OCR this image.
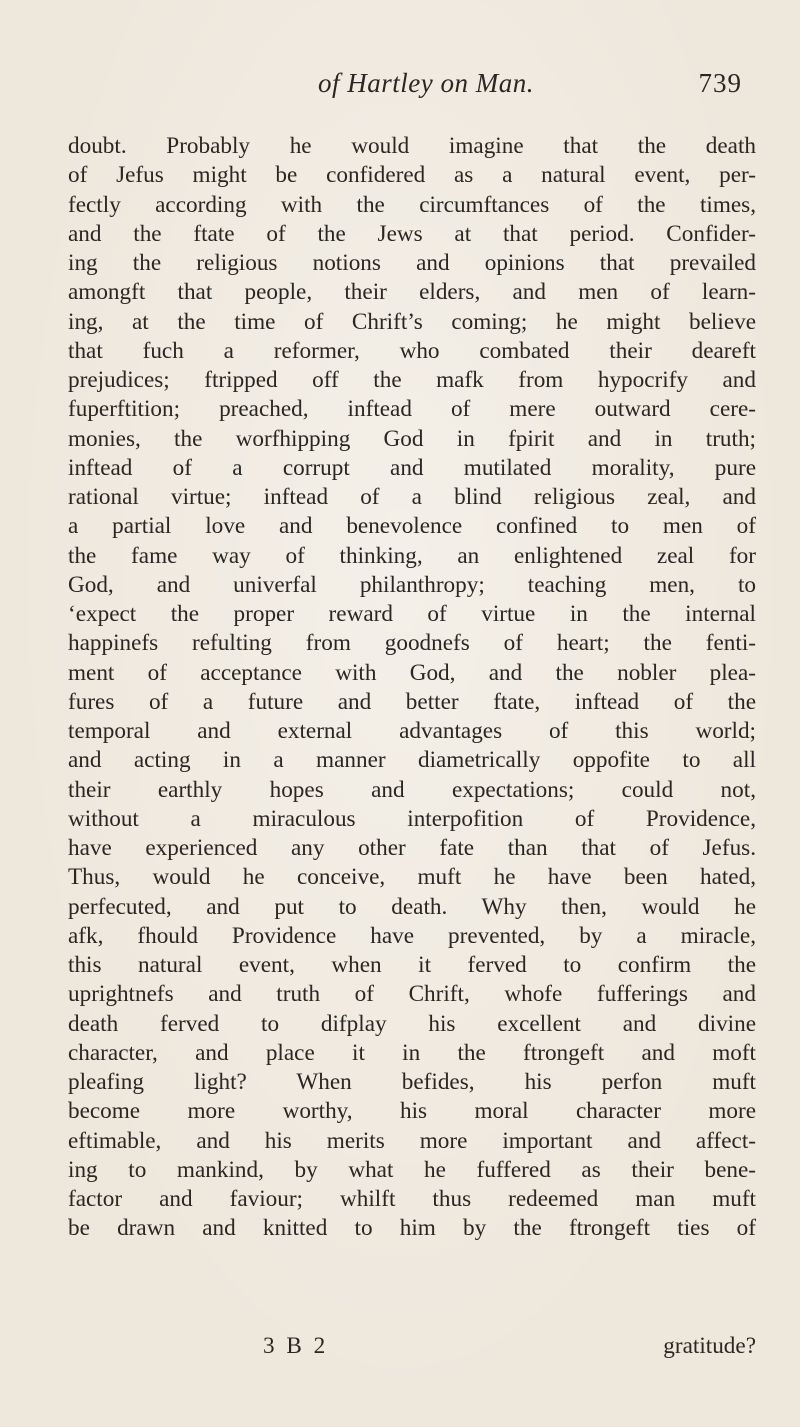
of Hartley on Man.	739
doubt. Probably he would imagine that the death
of Jefus might be confidered as a natural event, per-
fectly according with the circumftances of the times,
and the ftate of the Jews at that period. Confider-
ing the religious notions and opinions that prevailed
amongft that people, their elders, and men of learn-
ing, at the time of Chrift’s coming; he might believe
that fuch a reformer, who combated their deareft
prejudices; ftripped off the mafk from hypocrify and
fuperftition; preached, inftead of mere outward cere-
monies, the worfhipping God in fpirit and in truth;
inftead of a corrupt and mutilated morality, pure
rational virtue; inftead of a blind religious zeal, and
a partial love and benevolence confined to men of
the fame way of thinking, an enlightened zeal for
God, and univerfal philanthropy; teaching men, to
‘expect the proper reward of virtue in the internal
happinefs refulting from goodnefs of heart; the fenti-
ment of acceptance with God, and the nobler plea-
fures of a future and better ftate, inftead of the
temporal and external advantages of this world;
and acting in a manner diametrically oppofite to all
their earthly hopes and expectations; could not,
without a miraculous interpofition of Providence,
have experienced any other fate than that of Jefus.
Thus, would he conceive, muft he have been hated,
perfecuted, and put to death. Why then, would he
afk, fhould Providence have prevented, by a miracle,
this natural event, when it ferved to confirm the
uprightnefs and truth of Chrift, whofe fufferings and
death ferved to difplay his excellent and divine
character, and place it in the ftrongeft and moft
pleafing light? When befides, his perfon muft
become more worthy, his moral character more
eftimable, and his merits more important and affect-
ing to mankind, by what he fuffered as their bene-
factor and faviour; whilft thus redeemed man muft
be drawn and knitted to him by the ftrongeft ties of
3 B 2	gratitude?
